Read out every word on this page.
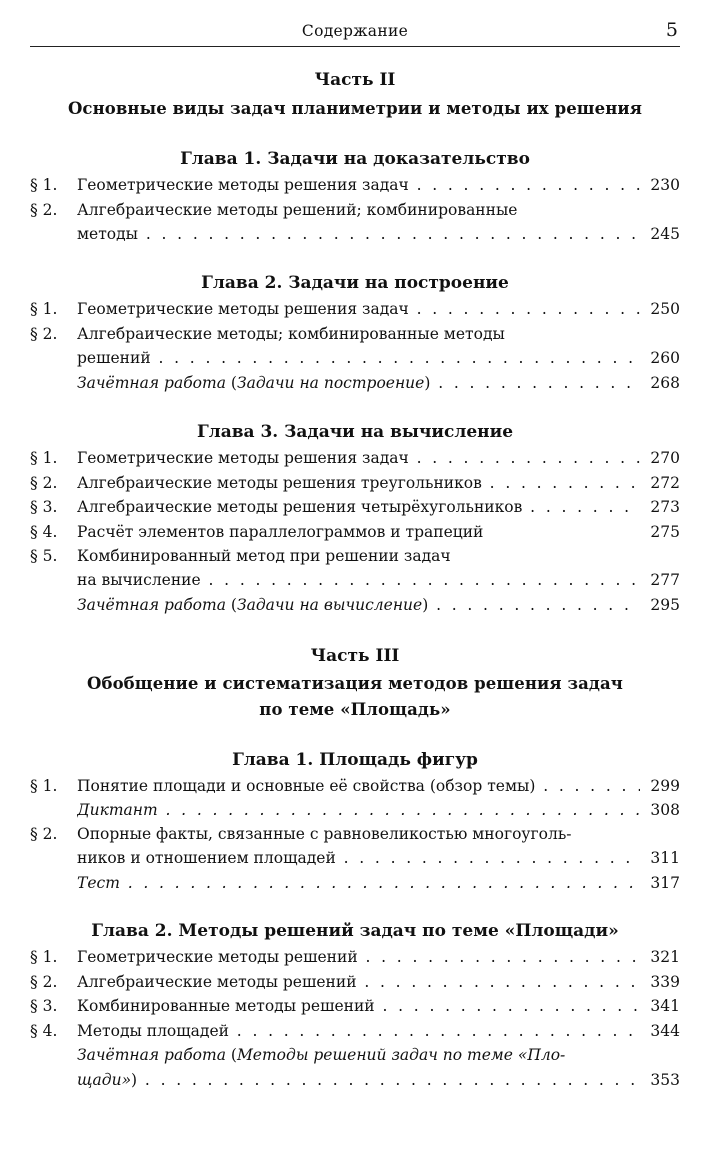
Содержание	5
Часть II
Основные виды задач планиметрии и методы их решения
Глава 1. Задачи на доказательство
§ 1.	Геометрические методы решения задач . . .	230
§ 2.	Алгебраические методы решений; комбинированные
методы . . .	245
Глава 2. Задачи на построение
§ 1.	Геометрические методы решения задач . . .	250
§ 2.	Алгебраические методы; комбинированные методы
решений . . .	260
Зачётная работа (Задачи на построение) . . .	268
Глава 3. Задачи на вычисление
§ 1.	Геометрические методы решения задач . . .	270
§ 2.	Алгебраические методы решения треугольников . . .	272
§ 3.	Алгебраические методы решения четырёхугольников . . .	273
§ 4.	Расчёт элементов параллелограммов и трапеций	275
§ 5.	Комбинированный метод при решении задач
на вычисление . . .	277
Зачётная работа (Задачи на вычисление) . . .	295
Часть III
Обобщение и систематизация методов решения задач
по теме «Площадь»
Глава 1. Площадь фигур
§ 1.	Понятие площади и основные её свойства (обзор темы) . . .	299
Диктант . . .	308
§ 2.	Опорные факты, связанные с равновеликостью многоуголь-
ников и отношением площадей . . .	311
Тест . . .	317
Глава 2. Методы решений задач по теме «Площади»
§ 1.	Геометрические методы решений . . .	321
§ 2.	Алгебраические методы решений . . .	339
§ 3.	Комбинированные методы решений . . .	341
§ 4.	Методы площадей . . .	344
Зачётная работа (Методы решений задач по теме «Пло-
щади») . . .	353
